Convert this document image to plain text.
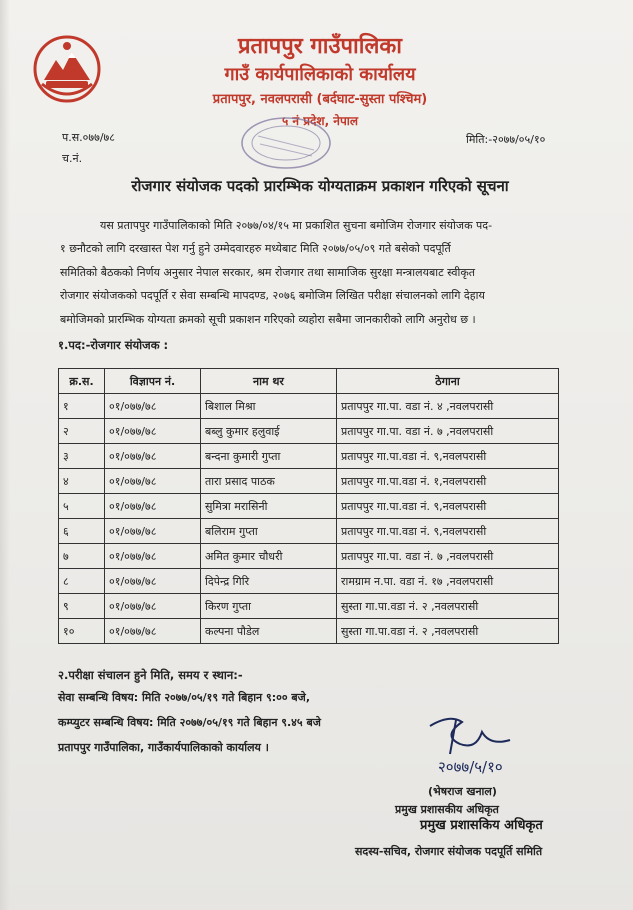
प्रतापपुर गाउँपालिका
गाउँ कार्यपालिकाको कार्यालय
प्रतापपुर, नवलपरासी (बर्दघाट-सुस्ता पश्चिम)
५ नं प्रदेश, नेपाल
प.स.०७७/७८
च.नं.
मिति:-२०७७/०५/१०
रोजगार संयोजक पदको प्रारम्भिक योग्यताक्रम प्रकाशन गरिएको सूचना
यस प्रतापपुर गाउँपालिकाको मिति २०७७/०४/१५ मा प्रकाशित सुचना बमोजिम रोजगार संयोजक पद-
१ छनौटको लागि दरखास्त पेश गर्नु हुने उम्मेदवारहरु मध्येबाट मिति २०७७/०५/०९ गते बसेको पदपूर्ति
समितिको बैठकको निर्णय अनुसार नेपाल सरकार, श्रम रोजगार तथा सामाजिक सुरक्षा मन्त्रालयबाट स्वीकृत
रोजगार संयोजकको पदपूर्ति र सेवा सम्बन्धि मापदण्ड, २०७६ बमोजिम लिखित परीक्षा संचालनको लागि देहाय
बमोजिमको प्रारम्भिक योग्यता क्रमको सूची प्रकाशन गरिएको व्यहोरा सबैमा जानकारीको लागि अनुरोध छ ।
१.पद:-रोजगार संयोजक :
क्र.स.	विज्ञापन नं.	नाम थर	ठेगाना
१	०१/०७७/७८	बिशाल मिश्रा	प्रतापपुर गा.पा. वडा नं. ४ ,नवलपरासी
२	०१/०७७/७८	बब्लु कुमार हलुवाई	प्रतापपुर गा.पा. वडा नं. ७ ,नवलपरासी
३	०१/०७७/७८	बन्दना कुमारी गुप्ता	प्रतापपुर गा.पा.वडा नं. ९,नवलपरासी
४	०१/०७७/७८	तारा प्रसाद पाठक	प्रतापपुर गा.पा.वडा नं. १,नवलपरासी
५	०१/०७७/७८	सुमित्रा मरासिनी	प्रतापपुर गा.पा.वडा नं. ९,नवलपरासी
६	०१/०७७/७८	बलिराम गुप्ता	प्रतापपुर गा.पा.वडा नं. ९,नवलपरासी
७	०१/०७७/७८	अमित कुमार चौधरी	प्रतापपुर गा.पा. वडा नं. ७ ,नवलपरासी
८	०१/०७७/७८	दिपेन्द्र गिरि	रामग्राम न.पा. वडा नं. १७ ,नवलपरासी
९	०१/०७७/७८	किरण गुप्ता	सुस्ता गा.पा.वडा नं. २ ,नवलपरासी
१०	०१/०७७/७८	कल्पना पौडेल	सुस्ता गा.पा.वडा नं. २ ,नवलपरासी
२.परीक्षा संचालन हुने मिति, समय र स्थान:-
सेवा सम्बन्धि विषय: मिति २०७७/०५/१९ गते बिहान ९:०० बजे,
कम्प्युटर सम्बन्धि विषय: मिति २०७७/०५/१९ गते बिहान ९.४५ बजे
प्रतापपुर गाउँपालिका, गाउँकार्यपालिकाको कार्यालय ।
२०७७/५/१०
(भेषराज खनाल)
प्रमुख प्रशासकीय अधिकृत
प्रमुख प्रशासकिय अधिकृत
सदस्य-सचिव, रोजगार संयोजक पदपूर्ति समिति
